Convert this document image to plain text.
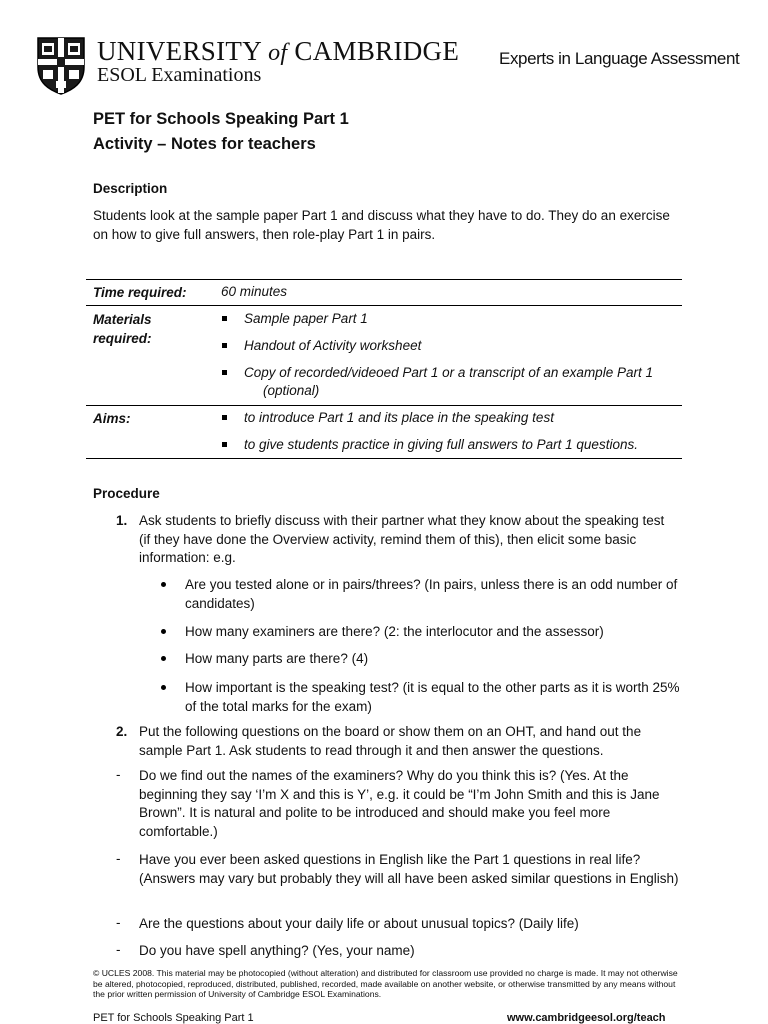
UNIVERSITY of CAMBRIDGE
ESOL Examinations
Experts in Language Assessment
PET for Schools Speaking Part 1
Activity – Notes for teachers
Description
Students look at the sample paper Part 1 and discuss what they have to do. They do an exercise on how to give full answers, then role-play Part 1 in pairs.
Time required:	60 minutes
Materials
required:
Sample paper Part 1
Handout of Activity worksheet
Copy of recorded/videoed Part 1 or a transcript of an example Part 1
(optional)
Aims:	to introduce Part 1 and its place in the speaking test
to give students practice in giving full answers to Part 1 questions.
Procedure
1. Ask students to briefly discuss with their partner what they know about the speaking test (if they have done the Overview activity, remind them of this), then elicit some basic information: e.g.
Are you tested alone or in pairs/threes? (In pairs, unless there is an odd number of candidates)
How many examiners are there? (2: the interlocutor and the assessor)
How many parts are there? (4)
How important is the speaking test? (it is equal to the other parts as it is worth 25% of the total marks for the exam)
2. Put the following questions on the board or show them on an OHT, and hand out the sample Part 1. Ask students to read through it and then answer the questions.
- Do we find out the names of the examiners? Why do you think this is? (Yes. At the beginning they say ‘I’m X and this is Y’, e.g. it could be “I’m John Smith and this is Jane Brown”. It is natural and polite to be introduced and should make you feel more comfortable.)
- Have you ever been asked questions in English like the Part 1 questions in real life? (Answers may vary but probably they will all have been asked similar questions in English)
- Are the questions about your daily life or about unusual topics? (Daily life)
- Do you have spell anything? (Yes, your name)
© UCLES 2008. This material may be photocopied (without alteration) and distributed for classroom use provided no charge is made. It may not otherwise be altered, photocopied, reproduced, distributed, published, recorded, made available on another website, or otherwise transmitted by any means without the prior written permission of University of Cambridge ESOL Examinations.
PET for Schools Speaking Part 1	www.cambridgeesol.org/teach
